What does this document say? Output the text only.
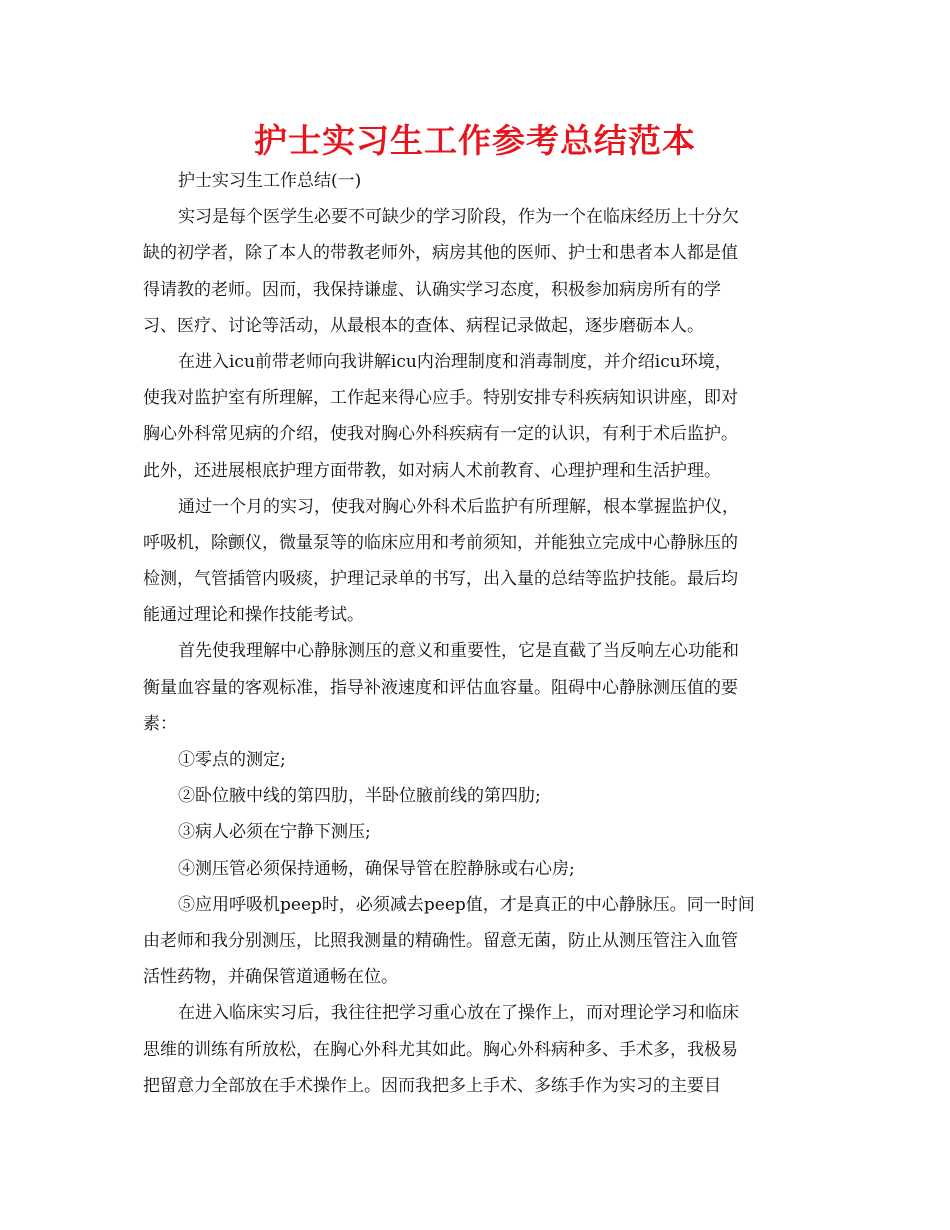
护士实习生工作参考总结范本

护士实习生工作总结(一)

实习是每个医学生必要不可缺少的学习阶段，作为一个在临床经历上十分欠

缺的初学者，除了本人的带教老师外，病房其他的医师、护士和患者本人都是值

得请教的老师。因而，我保持谦虚、认确实学习态度，积极参加病房所有的学

习、医疗、讨论等活动，从最根本的查体、病程记录做起，逐步磨砺本人。

在进入icu前带老师向我讲解icu内治理制度和消毒制度，并介绍icu环境，

使我对监护室有所理解，工作起来得心应手。特别安排专科疾病知识讲座，即对

胸心外科常见病的介绍，使我对胸心外科疾病有一定的认识，有利于术后监护。

此外，还进展根底护理方面带教，如对病人术前教育、心理护理和生活护理。

通过一个月的实习，使我对胸心外科术后监护有所理解，根本掌握监护仪，

呼吸机，除颤仪，微量泵等的临床应用和考前须知，并能独立完成中心静脉压的

检测，气管插管内吸痰，护理记录单的书写，出入量的总结等监护技能。最后均

能通过理论和操作技能考试。

首先使我理解中心静脉测压的意义和重要性，它是直截了当反响左心功能和

衡量血容量的客观标准，指导补液速度和评估血容量。阻碍中心静脉测压值的要

素：

①零点的测定;

②卧位腋中线的第四肋，半卧位腋前线的第四肋;

③病人必须在宁静下测压;

④测压管必须保持通畅，确保导管在腔静脉或右心房;

⑤应用呼吸机peep时，必须减去peep值，才是真正的中心静脉压。同一时间

由老师和我分别测压，比照我测量的精确性。留意无菌，防止从测压管注入血管

活性药物，并确保管道通畅在位。

在进入临床实习后，我往往把学习重心放在了操作上，而对理论学习和临床

思维的训练有所放松，在胸心外科尤其如此。胸心外科病种多、手术多，我极易

把留意力全部放在手术操作上。因而我把多上手术、多练手作为实习的主要目
